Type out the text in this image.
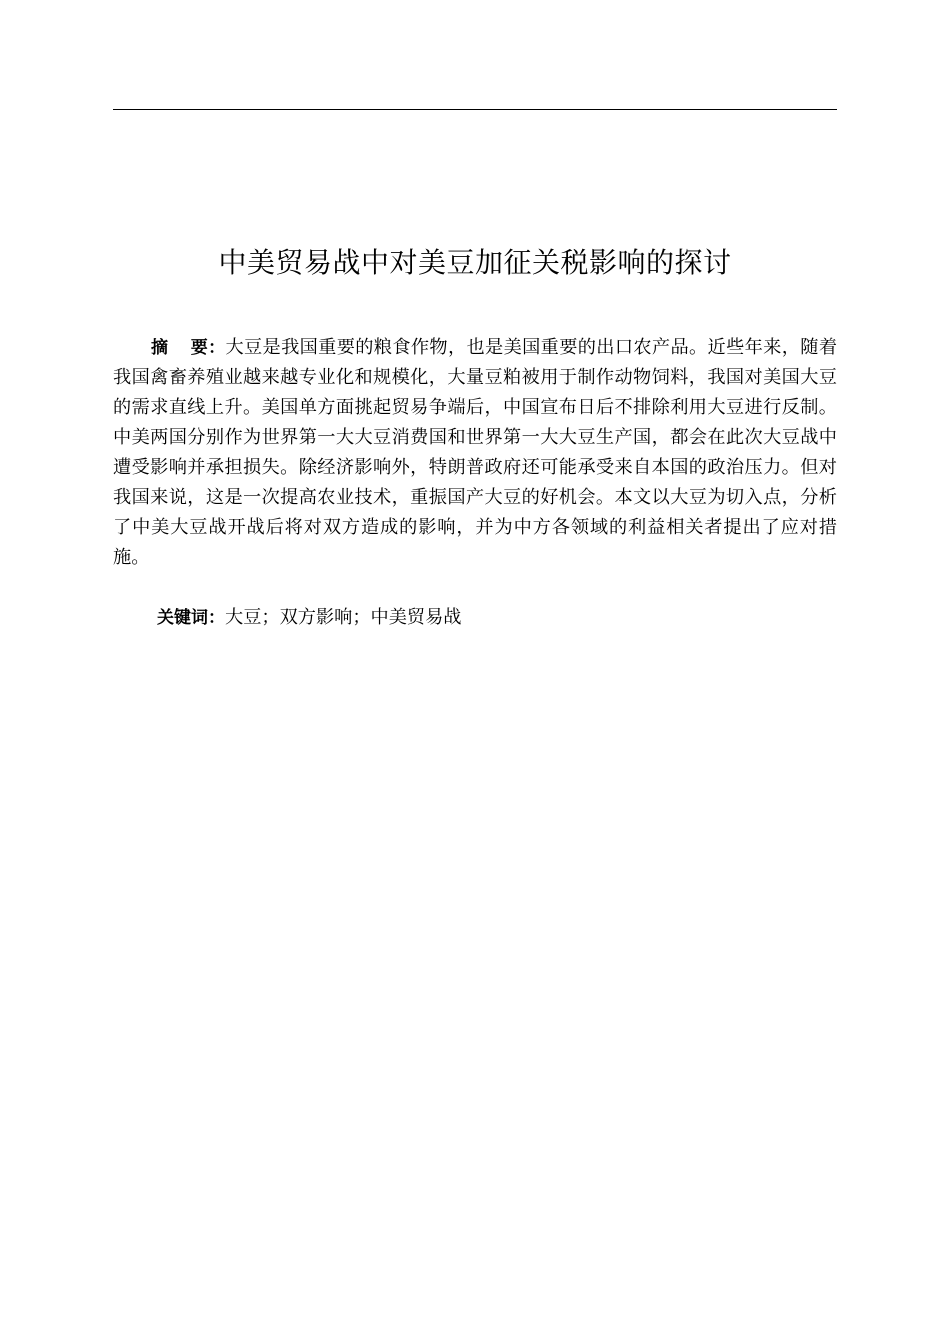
中美贸易战中对美豆加征关税影响的探讨

摘 要：大豆是我国重要的粮食作物，也是美国重要的出口农产品。近些年来，随着我国禽畜养殖业越来越专业化和规模化，大量豆粕被用于制作动物饲料，我国对美国大豆的需求直线上升。美国单方面挑起贸易争端后，中国宣布日后不排除利用大豆进行反制。中美两国分别作为世界第一大大豆消费国和世界第一大大豆生产国，都会在此次大豆战中遭受影响并承担损失。除经济影响外，特朗普政府还可能承受来自本国的政治压力。但对我国来说，这是一次提高农业技术，重振国产大豆的好机会。本文以大豆为切入点，分析了中美大豆战开战后将对双方造成的影响，并为中方各领域的利益相关者提出了应对措施。

关键词：大豆；双方影响；中美贸易战
